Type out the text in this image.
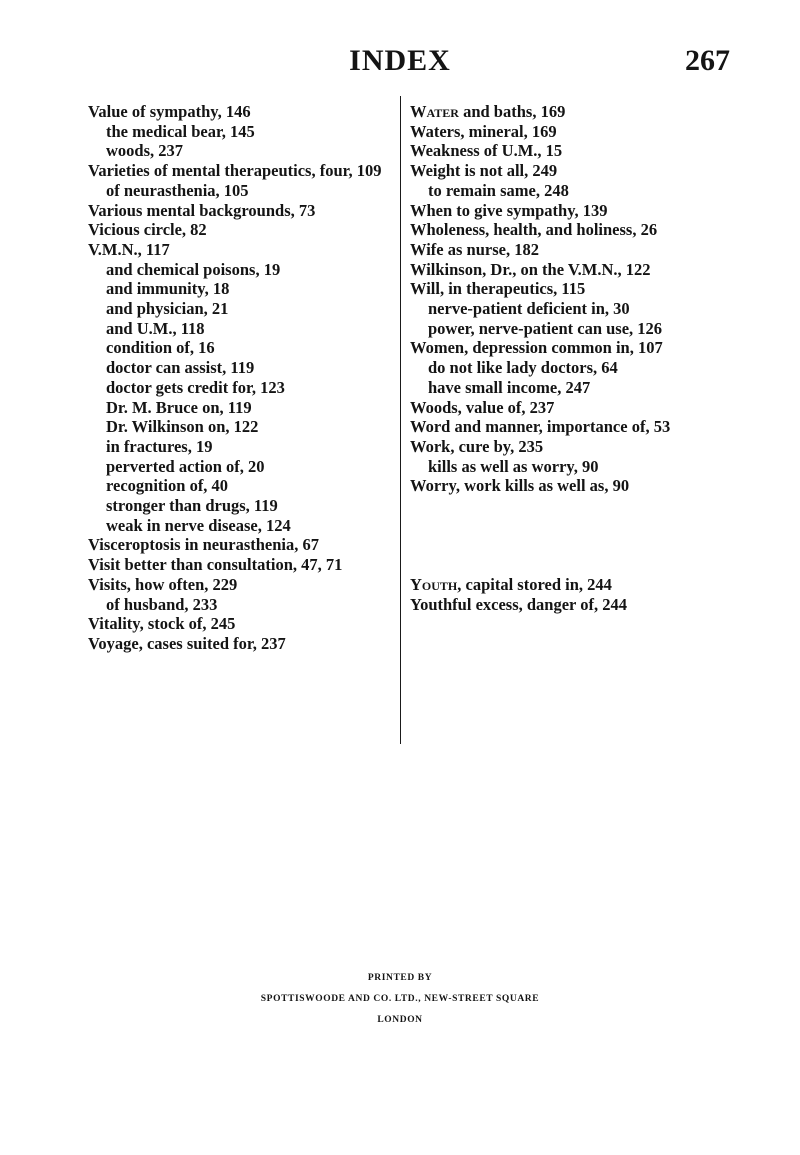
INDEX	267

Value of sympathy, 146

the medical bear, 145

woods, 237

Varieties of mental therapeutics, four, 109

of neurasthenia, 105

Various mental backgrounds, 73

Vicious circle, 82

V.M.N., 117

and chemical poisons, 19

and immunity, 18

and physician, 21

and U.M., 118

condition of, 16

doctor can assist, 119

doctor gets credit for, 123

Dr. M. Bruce on, 119

Dr. Wilkinson on, 122

in fractures, 19

perverted action of, 20

recognition of, 40

stronger than drugs, 119

weak in nerve disease, 124

Visceroptosis in neurasthenia, 67

Visit better than consultation, 47, 71

Visits, how often, 229

of husband, 233

Vitality, stock of, 245

Voyage, cases suited for, 237

Water and baths, 169

Waters, mineral, 169

Weakness of U.M., 15

Weight is not all, 249

to remain same, 248

When to give sympathy, 139

Wholeness, health, and holiness, 26

Wife as nurse, 182

Wilkinson, Dr., on the V.M.N., 122

Will, in therapeutics, 115

nerve-patient deficient in, 30

power, nerve-patient can use, 126

Women, depression common in, 107

do not like lady doctors, 64

have small income, 247

Woods, value of, 237

Word and manner, importance of, 53

Work, cure by, 235

kills as well as worry, 90

Worry, work kills as well as, 90

Youth, capital stored in, 244

Youthful excess, danger of, 244

PRINTED BY
SPOTTISWOODE AND CO. LTD., NEW-STREET SQUARE
LONDON
